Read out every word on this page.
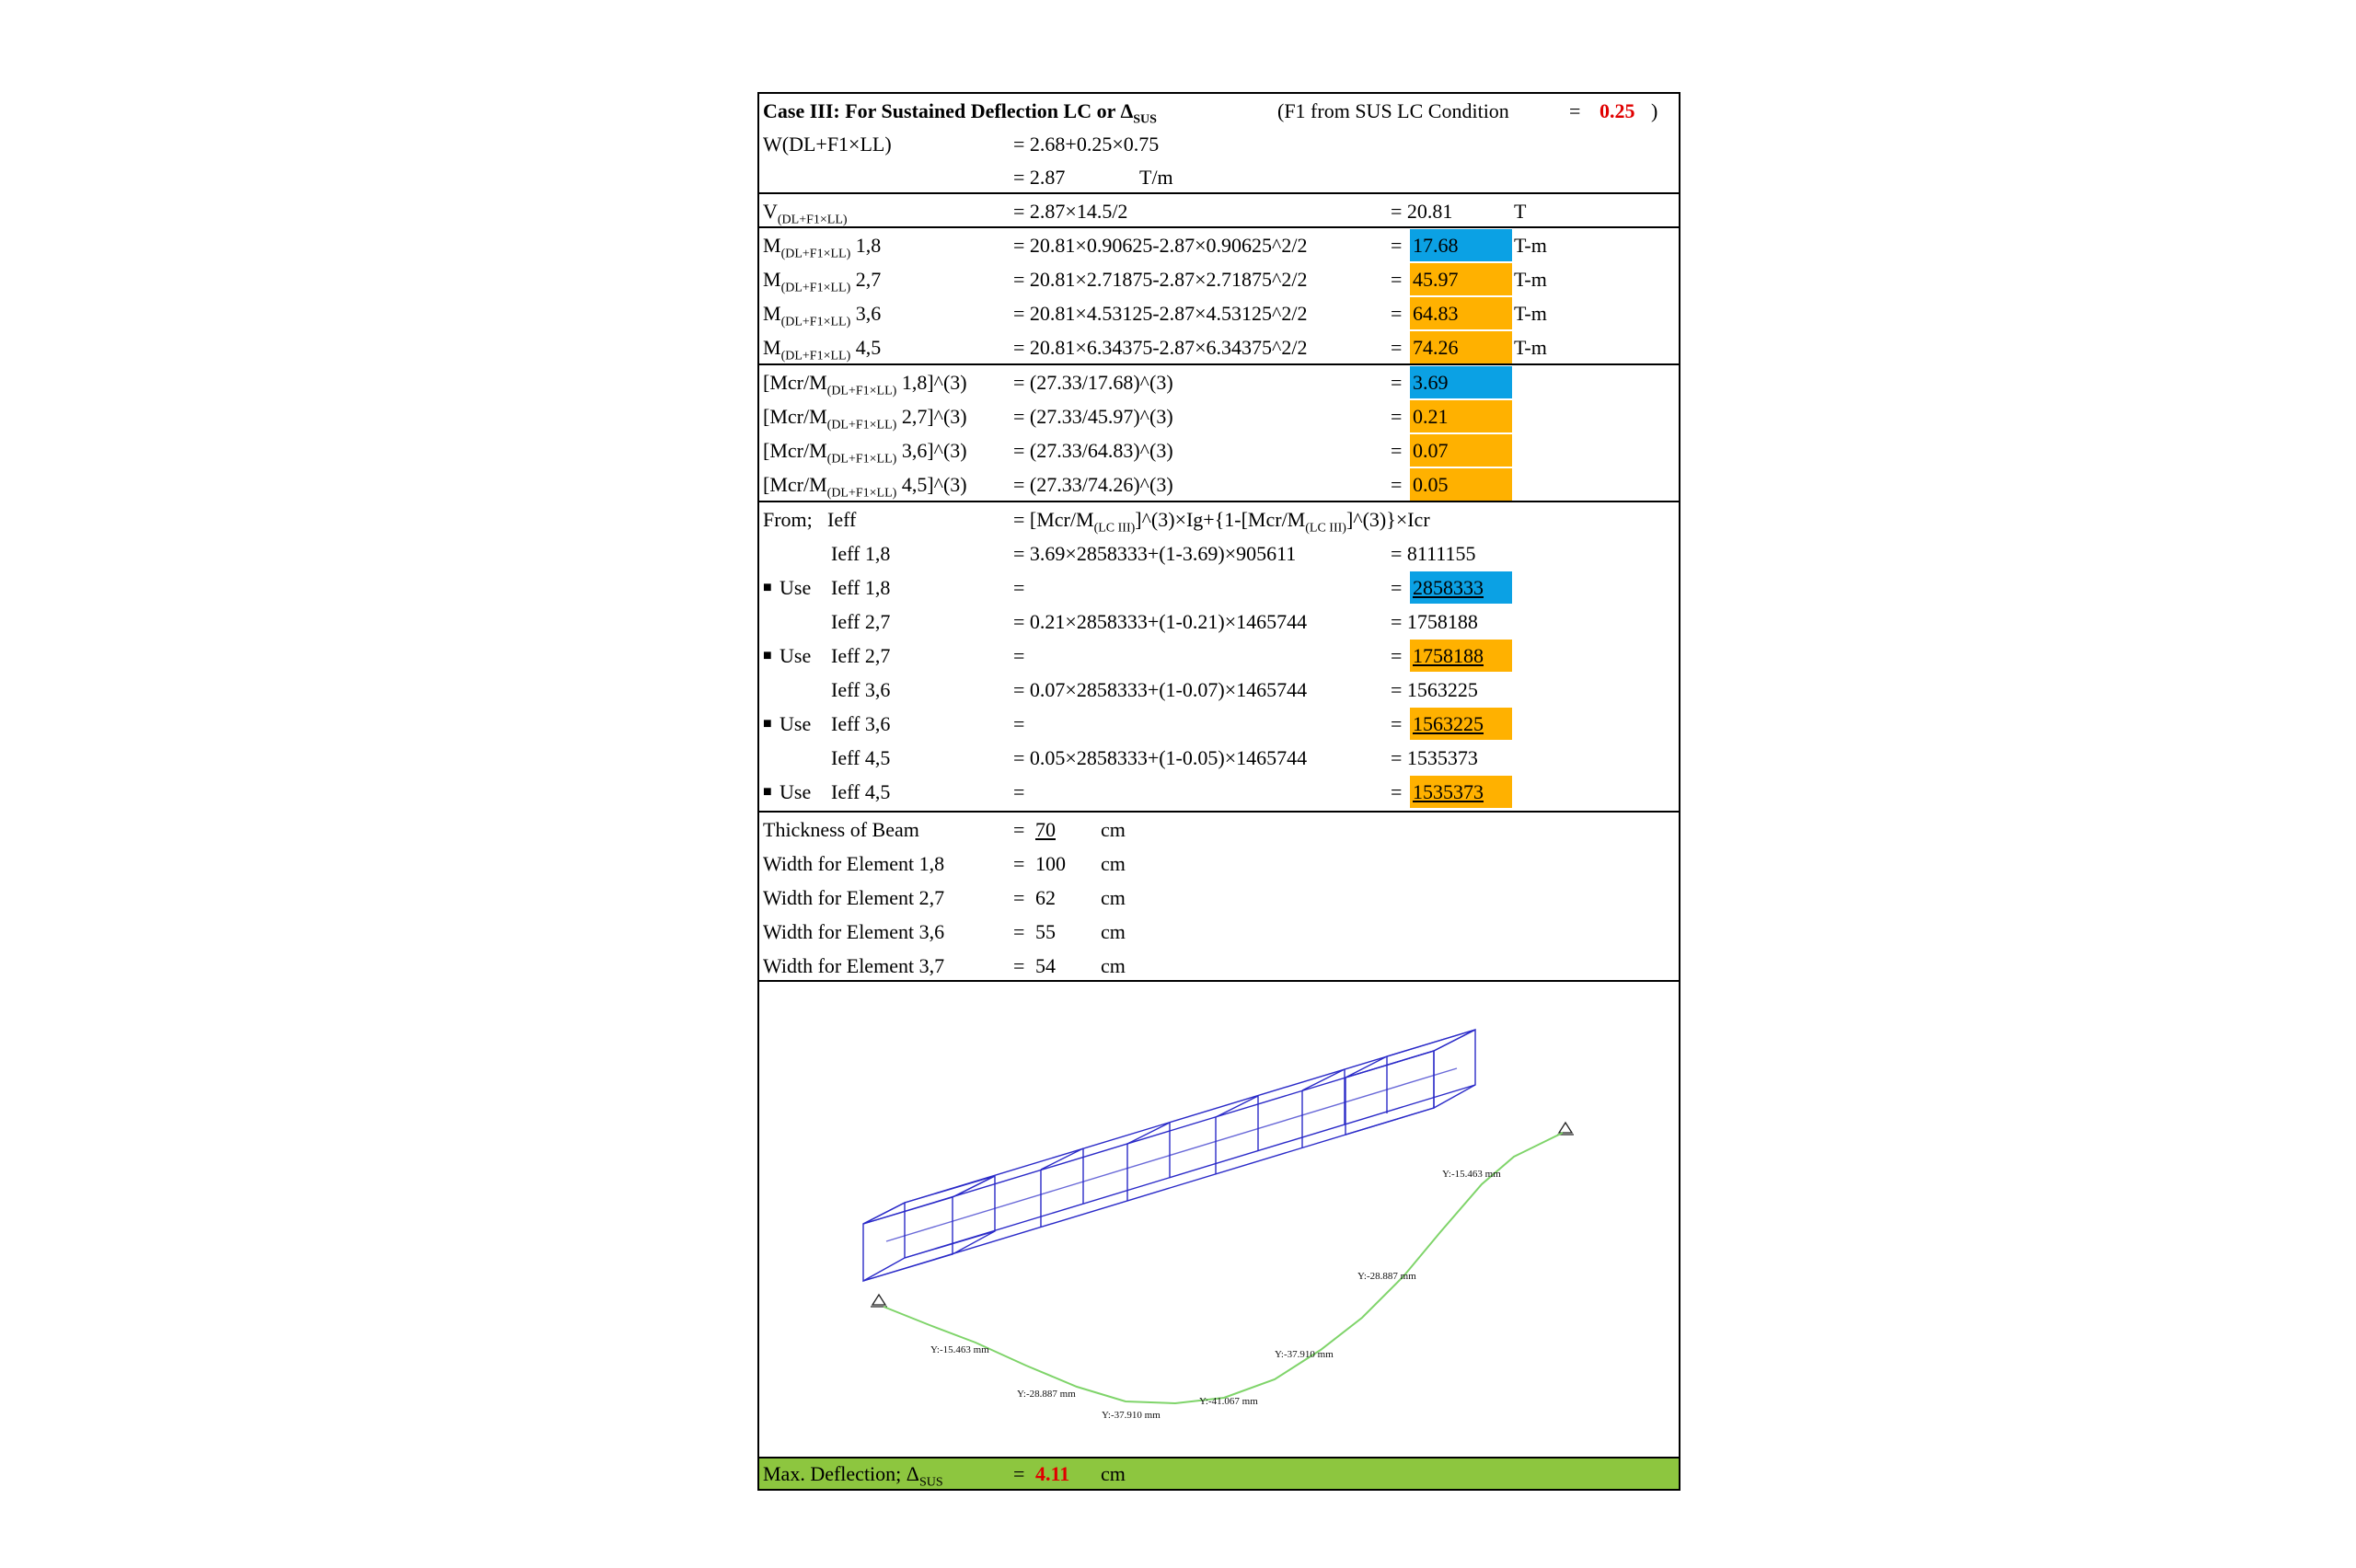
Case III: For Sustained Deflection LC or $\Delta_{SUS}$	(F1 from SUS LC Condition	= 0.25 )
W(DL+F1×LL)	= 2.68+0.25×0.75
= 2.87	T/m
$V_{(DL+F1\times LL)}$	= 2.87×14.5/2	= 20.81	T
$M_{(DL+F1\times LL)}$ 1,8	= 20.81×0.90625-2.87×0.90625^2/2	= 17.68	T-m
$M_{(DL+F1\times LL)}$ 2,7	= 20.81×2.71875-2.87×2.71875^2/2	= 45.97	T-m
$M_{(DL+F1\times LL)}$ 3,6	= 20.81×4.53125-2.87×4.53125^2/2	= 64.83	T-m
$M_{(DL+F1\times LL)}$ 4,5	= 20.81×6.34375-2.87×6.34375^2/2	= 74.26	T-m
[$Mcr/M_{(DL+F1\times LL)}$ 1,8]^(3) = (27.33/17.68)^(3)	= 3.69
[$Mcr/M_{(DL+F1\times LL)}$ 2,7]^(3) = (27.33/45.97)^(3)	= 0.21
[$Mcr/M_{(DL+F1\times LL)}$ 3,6]^(3) = (27.33/64.83)^(3)	= 0.07
[$Mcr/M_{(DL+F1\times LL)}$ 4,5]^(3) = (27.33/74.26)^(3)	= 0.05
From; Ieff	= $[Mcr/M_{(LC III)}]\^{}(3)\times Ig+\{1-[Mcr/M_{(LC III)}]\^{}(3)\}\times Icr$
Ieff 1,8	= 3.69×2858333+(1-3.69)×905611	= 8111155
■ Use Ieff 1,8	=	= 2858333
Ieff 2,7	= 0.21×2858333+(1-0.21)×1465744	= 1758188
■ Use Ieff 2,7	=	= 1758188
Ieff 3,6	= 0.07×2858333+(1-0.07)×1465744	= 1563225
■ Use Ieff 3,6	=	= 1563225
Ieff 4,5	= 0.05×2858333+(1-0.05)×1465744	= 1535373
■ Use Ieff 4,5	=	= 1535373
Thickness of Beam	= 70 cm
Width for Element 1,8	= 100 cm
Width for Element 2,7	= 62 cm
Width for Element 3,6	= 55 cm
Width for Element 3,7	= 54 cm
Y:-15.463 mm
Y:-28.887 mm
Y:-37.910 mm
Y:-41.067 mm
Y:-37.910 mm
Y:-28.887 mm
Y:-15.463 mm
Max. Deflection; $\Delta_{SUS}$	= 4.11 cm
